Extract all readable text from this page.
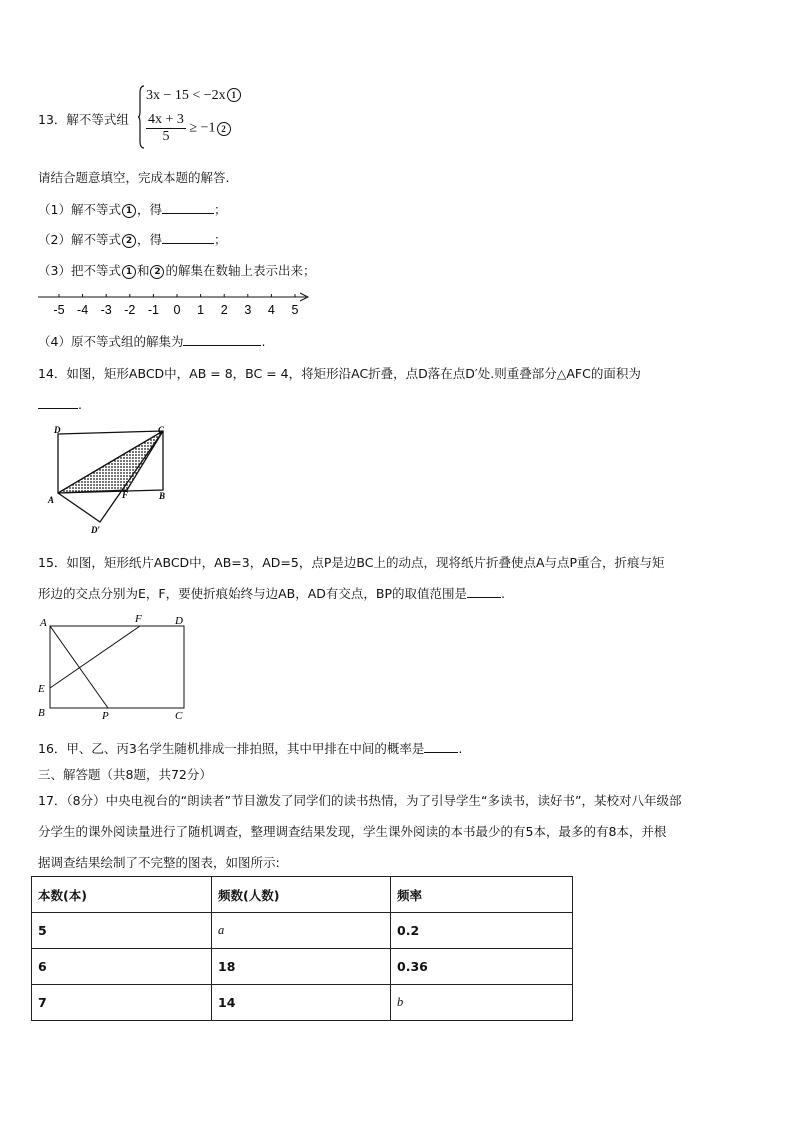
13．解不等式组
3x − 15 < −2x 1
$\frac{4x + 3}{5} \ge -1$ 2
请结合题意填空，完成本题的解答.
（1）解不等式 1 ，得	；
（2）解不等式 2 ，得	；
（3）把不等式 1 和 2 的解集在数轴上表示出来；
-5 -4 -3 -2 -1 0 1 2 3 4 5
（4）原不等式组的解集为	.
14．如图，矩形ABCD中，AB = 8，BC = 4，将矩形沿AC折叠，点D落在点D′处.则重叠部分△AFC的面积为
.
D	C
A	F	B
D′
15．如图，矩形纸片ABCD中，AB=3，AD=5，点P是边BC上的动点，现将纸片折叠使点A与点P重合，折痕与矩
形边的交点分别为E，F，要使折痕始终与边AB，AD有交点，BP的取值范围是	.
A	F	D
E
B	P	C
16．甲、乙、丙3名学生随机排成一排拍照，其中甲排在中间的概率是	.
三、解答题（共8题，共72分）
17．（8分）中央电视台的“朗读者”节目激发了同学们的读书热情，为了引导学生“多读书，读好书”，某校对八年级部
分学生的课外阅读量进行了随机调查，整理调查结果发现，学生课外阅读的本书最少的有5本，最多的有8本，并根
据调查结果绘制了不完整的图表，如图所示:
本数(本)	频数(人数)	频率
5	a	0.2
6	18	0.36
7	14	b
